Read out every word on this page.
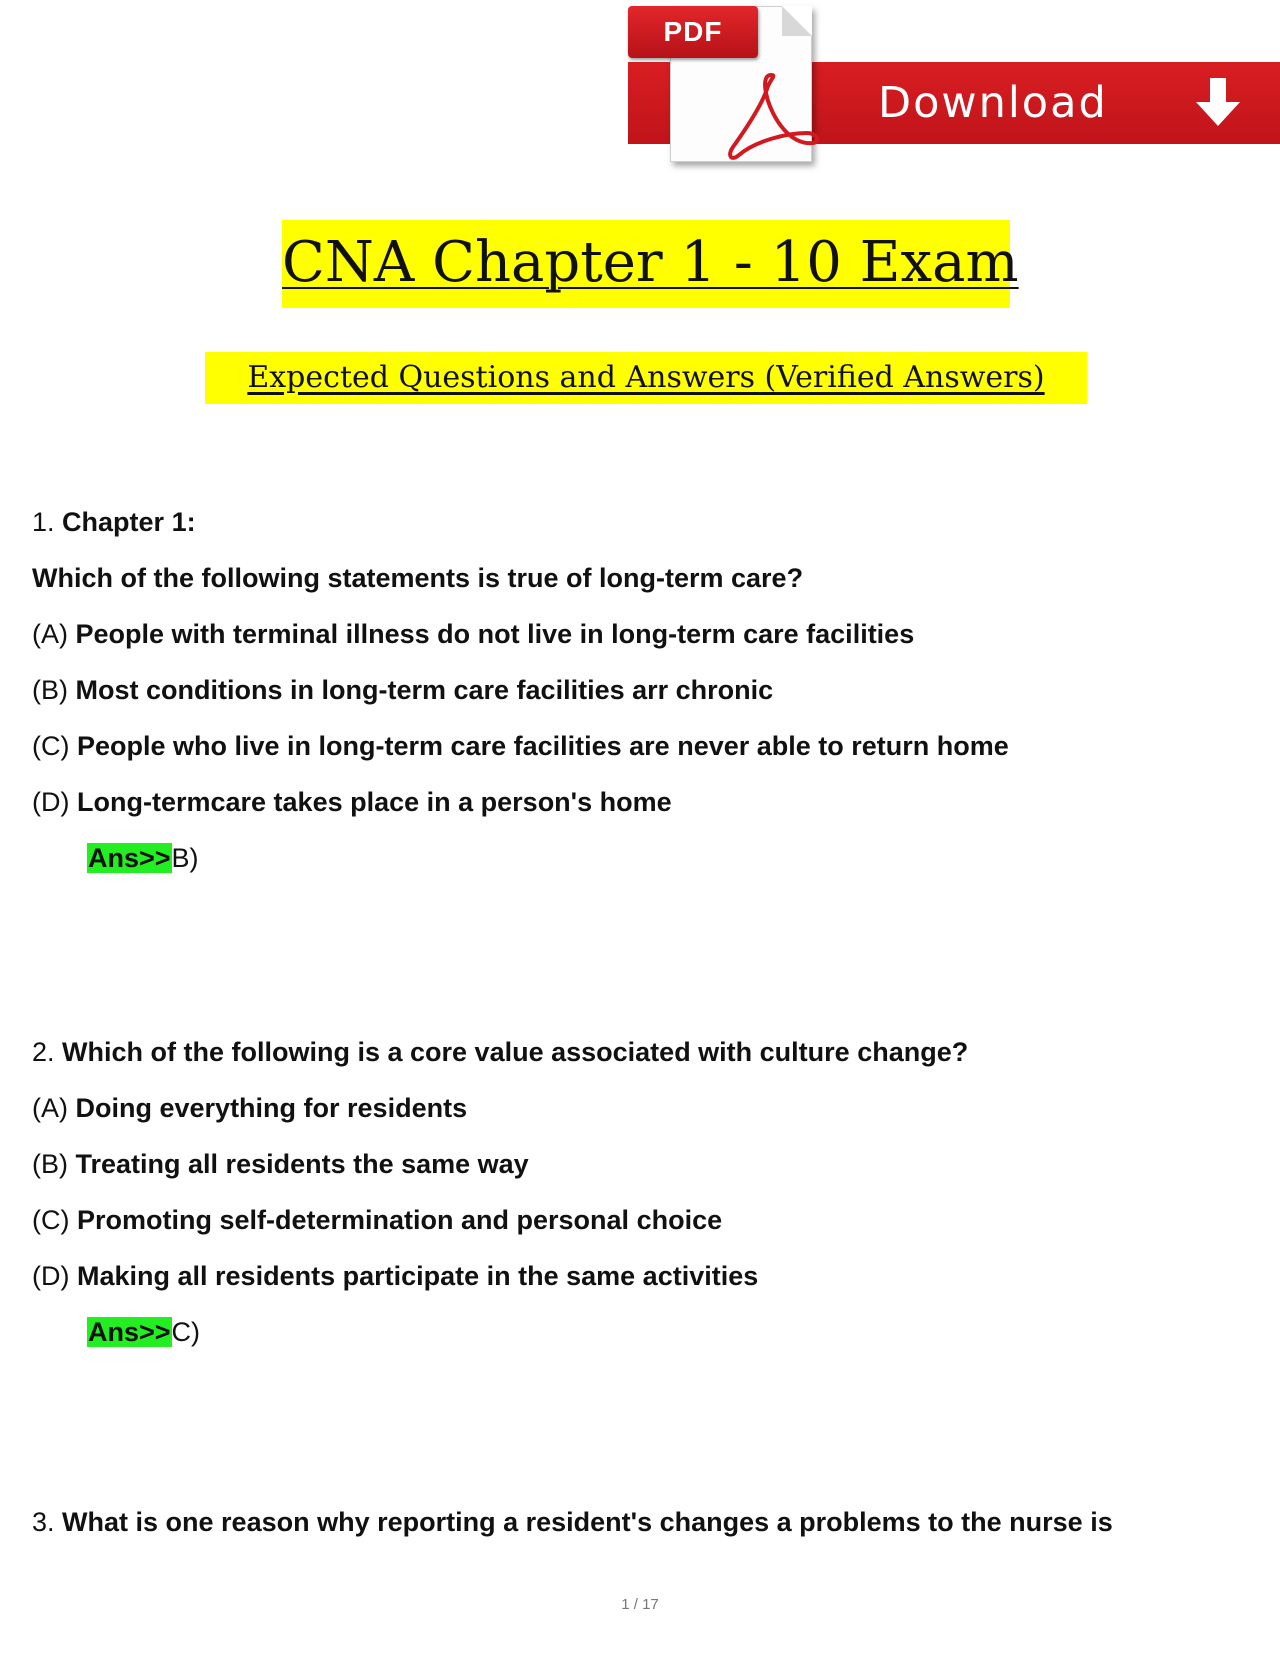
PDF
Download
CNA Chapter 1 - 10 Exam
Expected Questions and Answers (Verified Answers)
1. Chapter 1:
Which of the following statements is true of long-term care?
(A) People with terminal illness do not live in long-term care facilities
(B) Most conditions in long-term care facilities arr chronic
(C) People who live in long-term care facilities are never able to return home
(D) Long-termcare takes place in a person's home
Ans>>B)
2. Which of the following is a core value associated with culture change?
(A) Doing everything for residents
(B) Treating all residents the same way
(C) Promoting self-determination and personal choice
(D) Making all residents participate in the same activities
Ans>>C)
3. What is one reason why reporting a resident's changes a problems to the nurse is
1 / 17
